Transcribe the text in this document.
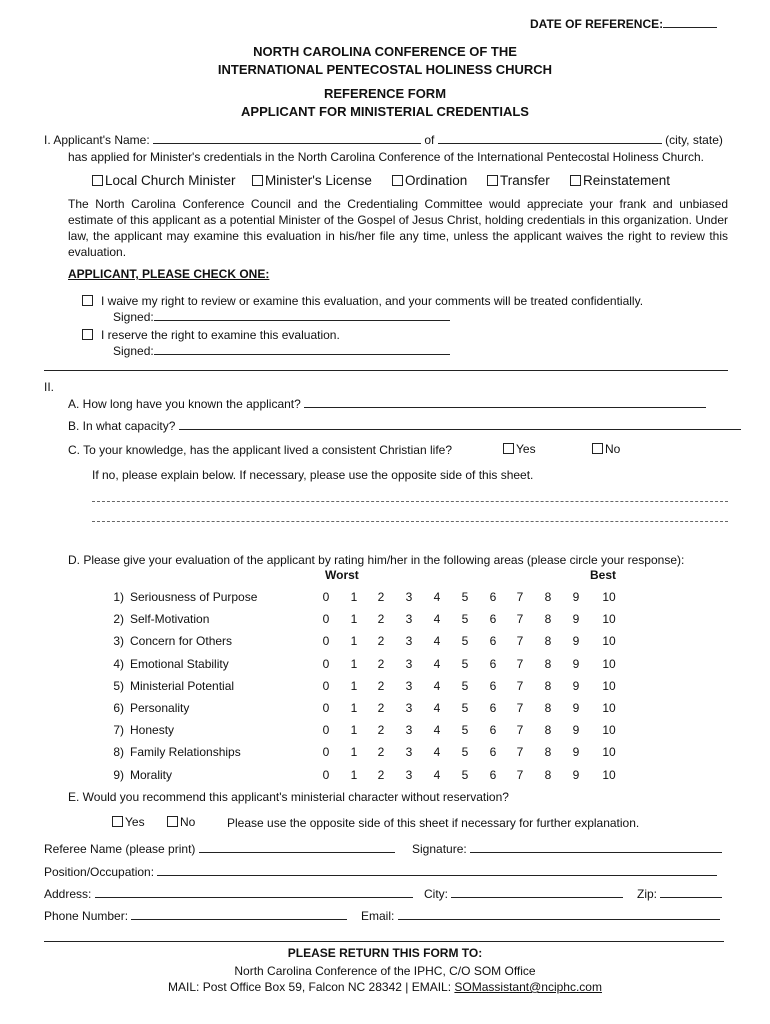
DATE OF REFERENCE:
NORTH CAROLINA CONFERENCE OF THE
INTERNATIONAL PENTECOSTAL HOLINESS CHURCH
REFERENCE FORM
APPLICANT FOR MINISTERIAL CREDENTIALS
I. Applicant's Name:	of	(city, state)
has applied for Minister's credentials in the North Carolina Conference of the International Pentecostal Holiness Church.
Local Church Minister	Minister's License	Ordination	Transfer	Reinstatement
The North Carolina Conference Council and the Credentialing Committee would appreciate your frank and unbiased estimate of this applicant as a potential Minister of the Gospel of Jesus Christ, holding credentials in this organization. Under law, the applicant may examine this evaluation in his/her file any time, unless the applicant waives the right to review this evaluation.
APPLICANT, PLEASE CHECK ONE:
I waive my right to review or examine this evaluation, and your comments will be treated confidentially.
Signed:
I reserve the right to examine this evaluation.
Signed:
II.
A. How long have you known the applicant?
B. In what capacity?
C. To your knowledge, has the applicant lived a consistent Christian life?	Yes	No
If no, please explain below. If necessary, please use the opposite side of this sheet.
D. Please give your evaluation of the applicant by rating him/her in the following areas (please circle your response):
Worst	Best
1) Seriousness of Purpose	0	1	2	3	4	5	6	7	8	9	10
2) Self-Motivation	0	1	2	3	4	5	6	7	8	9	10
3) Concern for Others	0	1	2	3	4	5	6	7	8	9	10
4) Emotional Stability	0	1	2	3	4	5	6	7	8	9	10
5) Ministerial Potential	0	1	2	3	4	5	6	7	8	9	10
6) Personality	0	1	2	3	4	5	6	7	8	9	10
7) Honesty	0	1	2	3	4	5	6	7	8	9	10
8) Family Relationships	0	1	2	3	4	5	6	7	8	9	10
9) Morality	0	1	2	3	4	5	6	7	8	9	10
E. Would you recommend this applicant's ministerial character without reservation?
Yes	No	Please use the opposite side of this sheet if necessary for further explanation.
Referee Name (please print)	Signature:
Position/Occupation:
Address:	City:	Zip:
Phone Number:	Email:
PLEASE RETURN THIS FORM TO:
North Carolina Conference of the IPHC, C/O SOM Office
MAIL: Post Office Box 59, Falcon NC 28342 | EMAIL: SOMassistant@nciphc.com
